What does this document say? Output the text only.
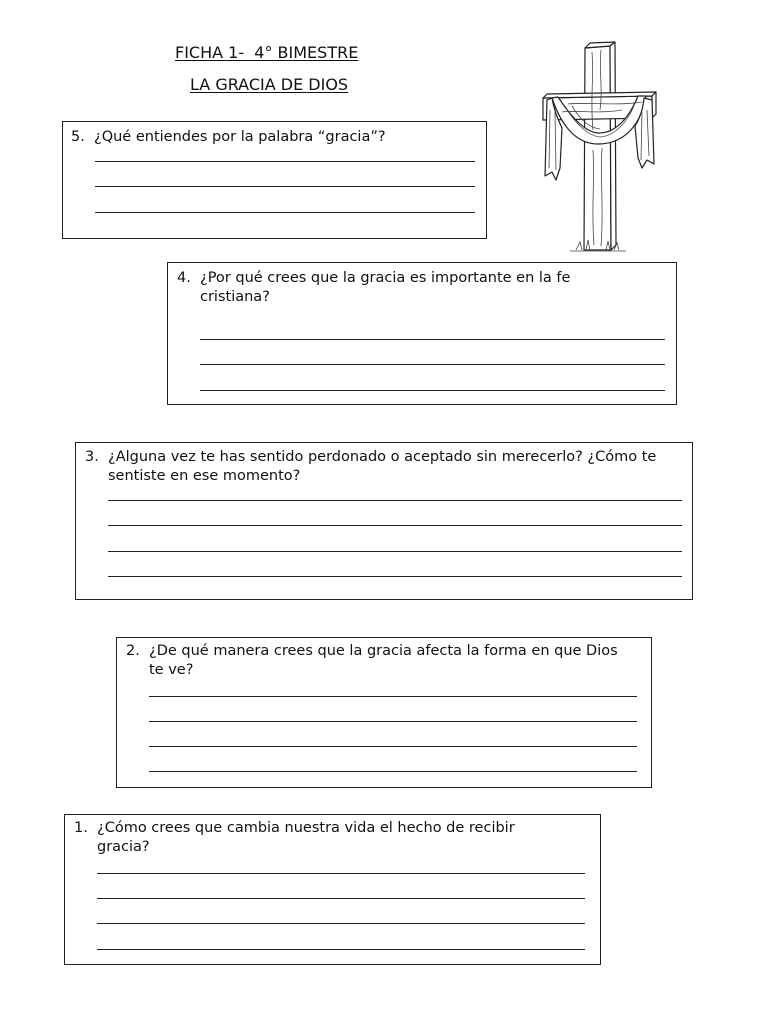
FICHA 1-  4° BIMESTRE
LA GRACIA DE DIOS
5. ¿Qué entiendes por la palabra “gracia”?
4. ¿Por qué crees que la gracia es importante en la fe cristiana?
3. ¿Alguna vez te has sentido perdonado o aceptado sin merecerlo? ¿Cómo te sentiste en ese momento?
2. ¿De qué manera crees que la gracia afecta la forma en que Dios te ve?
1. ¿Cómo crees que cambia nuestra vida el hecho de recibir gracia?
